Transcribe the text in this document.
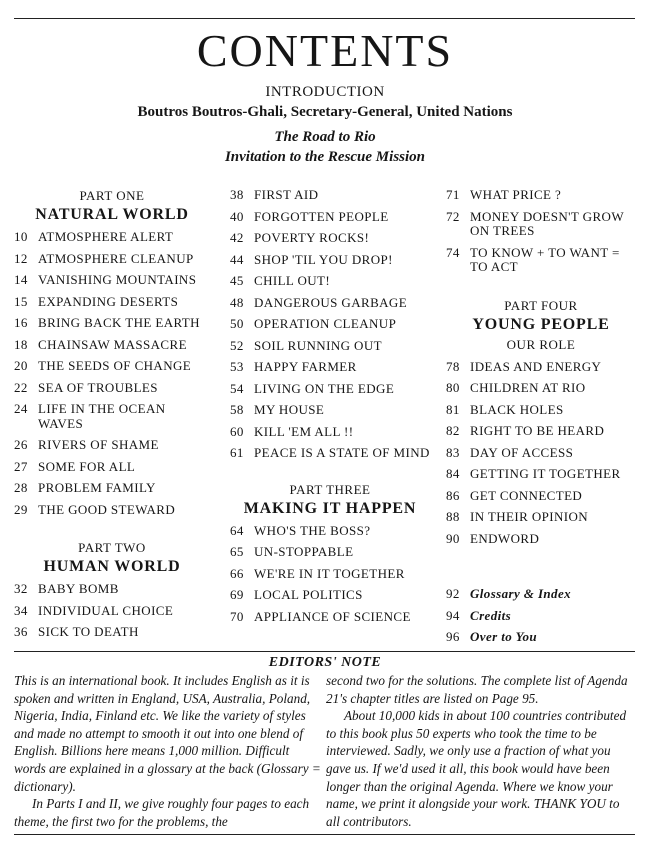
CONTENTS
INTRODUCTION
Boutros Boutros-Ghali, Secretary-General, United Nations
The Road to Rio
Invitation to the Rescue Mission
PART ONE
NATURAL WORLD
10 ATMOSPHERE ALERT
12 ATMOSPHERE CLEANUP
14 VANISHING MOUNTAINS
15 EXPANDING DESERTS
16 BRING BACK THE EARTH
18 CHAINSAW MASSACRE
20 THE SEEDS OF CHANGE
22 SEA OF TROUBLES
24 LIFE IN THE OCEAN WAVES
26 RIVERS OF SHAME
27 SOME FOR ALL
28 PROBLEM FAMILY
29 THE GOOD STEWARD
PART TWO
HUMAN WORLD
32 BABY BOMB
34 INDIVIDUAL CHOICE
36 SICK TO DEATH
38 FIRST AID
40 FORGOTTEN PEOPLE
42 POVERTY ROCKS!
44 SHOP 'TIL YOU DROP!
45 CHILL OUT!
48 DANGEROUS GARBAGE
50 OPERATION CLEANUP
52 SOIL RUNNING OUT
53 HAPPY FARMER
54 LIVING ON THE EDGE
58 MY HOUSE
60 KILL 'EM ALL !!
61 PEACE IS A STATE OF MIND
PART THREE
MAKING IT HAPPEN
64 WHO'S THE BOSS?
65 UN-STOPPABLE
66 WE'RE IN IT TOGETHER
69 LOCAL POLITICS
70 APPLIANCE OF SCIENCE
71 WHAT PRICE ?
72 MONEY DOESN'T GROW ON TREES
74 TO KNOW + TO WANT = TO ACT
PART FOUR
YOUNG PEOPLE
OUR ROLE
78 IDEAS AND ENERGY
80 CHILDREN AT RIO
81 BLACK HOLES
82 RIGHT TO BE HEARD
83 DAY OF ACCESS
84 GETTING IT TOGETHER
86 GET CONNECTED
88 IN THEIR OPINION
90 ENDWORD
92 Glossary & Index
94 Credits
96 Over to You
EDITORS' NOTE

This is an international book. It includes English as it is spoken and written in England, USA, Australia, Poland, Nigeria, India, Finland etc. We like the variety of styles and made no attempt to smooth it out into one blend of English. Billions here means 1,000 million. Difficult words are explained in a glossary at the back (Glossary = dictionary).

In Parts I and II, we give roughly four pages to each theme, the first two for the problems, the

second two for the solutions. The complete list of Agenda 21's chapter titles are listed on Page 95.

About 10,000 kids in about 100 countries contributed to this book plus 50 experts who took the time to be interviewed. Sadly, we only use a fraction of what you gave us. If we'd used it all, this book would have been longer than the original Agenda. Where we know your name, we print it alongside your work. THANK YOU to all contributors.
